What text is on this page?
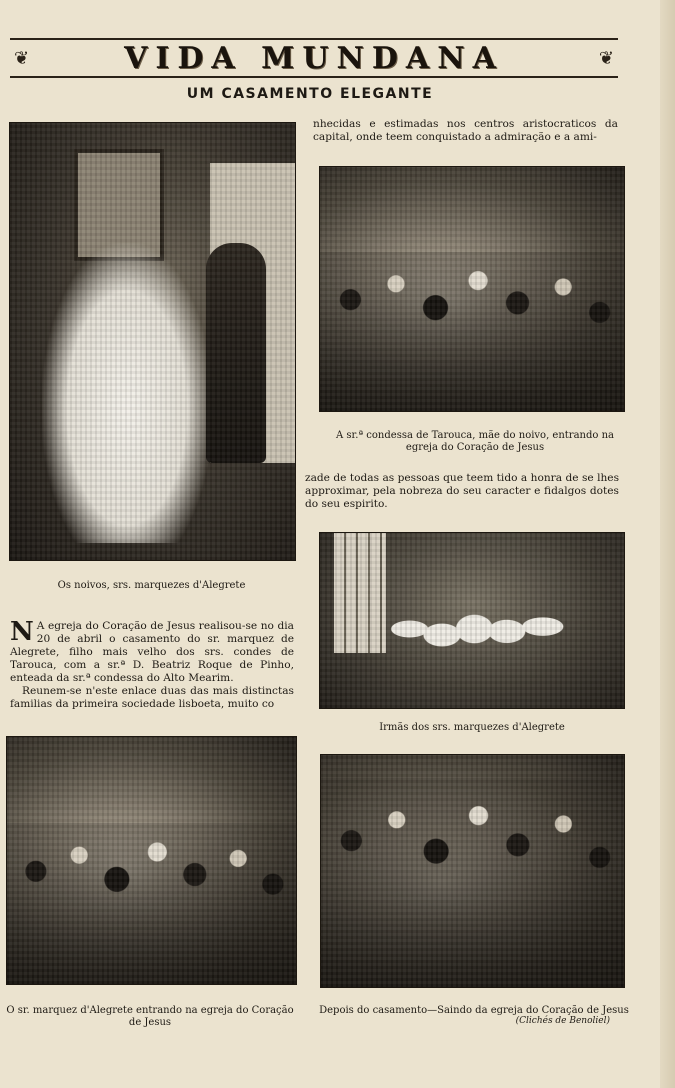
❦	VIDA MUNDANA	❦
UM CASAMENTO ELEGANTE

nhecidas e estimadas nos centros aristocraticos da capital, onde teem conquistado a admiração e a ami-

A sr.ª condessa de Tarouca, mãe do noivo, entrando na egreja do Coração de Jesus

zade de todas as pessoas que teem tido a honra de se lhes approximar, pela nobreza do seu caracter e fidalgos dotes do seu espirito.

Irmãs dos srs. marquezes d'Alegrete
Os noivos, srs. marquezes d'Alegrete

N A egreja do Coração de Jesus realisou-se no dia 20 de abril o casamento do sr. marquez de Alegrete, filho mais velho dos srs. condes de Tarouca, com a sr.ª D. Beatriz Roque de Pinho, enteada da sr.ª condessa do Alto Mearim.

Reunem-se n'este enlace duas das mais distinctas familias da primeira sociedade lisboeta, muito co

O sr. marquez d'Alegrete entrando na egreja do Coração de Jesus
Depois do casamento—Saindo da egreja do Coração de Jesus
(Clichés de Benoliel)
